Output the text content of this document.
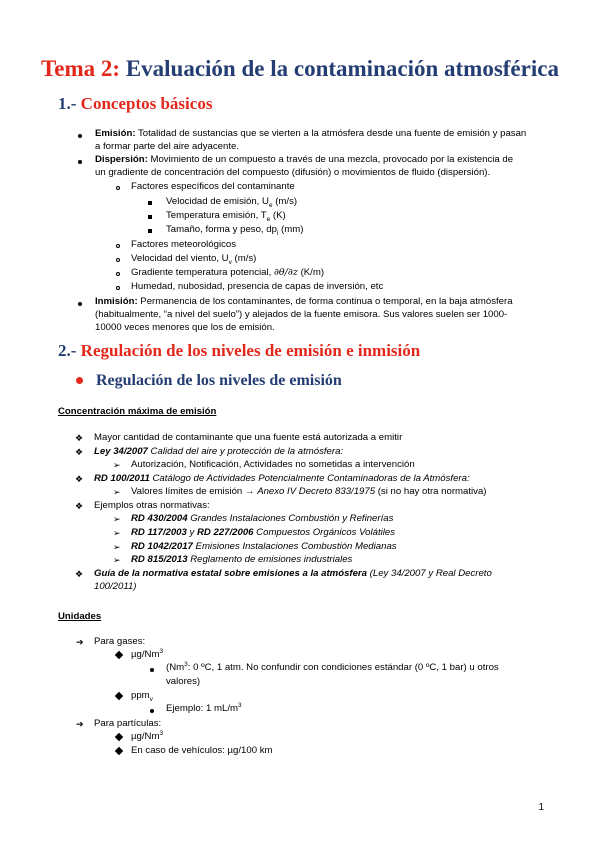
Tema 2: Evaluación de la contaminación atmosférica
1.- Conceptos básicos
Emisión: Totalidad de sustancias que se vierten a la atmósfera desde una fuente de emisión y pasan
a formar parte del aire adyacente.
Dispersión: Movimiento de un compuesto a través de una mezcla, provocado por la existencia de
un gradiente de concentración del compuesto (difusión) o movimientos de fluido (dispersión).
Factores específicos del contaminante
Velocidad de emisión, $U_e$ (m/s)
Temperatura emisión, $T_e$ (K)
Tamaño, forma y peso, $dp_i$ (mm)
Factores meteorológicos
Velocidad del viento, $U_v$ (m/s)
Gradiente temperatura potencial, ∂θ/∂z (K/m)
Humedad, nubosidad, presencia de capas de inversión, etc
Inmisión: Permanencia de los contaminantes, de forma continua o temporal, en la baja atmósfera
(habitualmente, “a nivel del suelo”) y alejados de la fuente emisora. Sus valores suelen ser 1000-
10000 veces menores que los de emisión.
2.- Regulación de los niveles de emisión e inmisión
Regulación de los niveles de emisión
Concentración máxima de emisión
❖ Mayor cantidad de contaminante que una fuente está autorizada a emitir
❖ Ley 34/2007 Calidad del aire y protección de la atmósfera:
➢ Autorización, Notificación, Actividades no sometidas a intervención
❖ RD 100/2011 Catálogo de Actividades Potencialmente Contaminadoras de la Atmósfera:
➢ Valores límites de emisión → Anexo IV Decreto 833/1975 (si no hay otra normativa)
❖ Ejemplos otras normativas:
➢ RD 430/2004 Grandes Instalaciones Combustión y Refinerías
➢ RD 117/2003 y RD 227/2006 Compuestos Orgánicos Volátiles
➢ RD 1042/2017 Emisiones Instalaciones Combustión Medianas
➢ RD 815/2013 Reglamento de emisiones industriales
❖ Guía de la normativa estatal sobre emisiones a la atmósfera (Ley 34/2007 y Real Decreto
100/2011)
Unidades
➔ Para gases:
µg/Nm$^3$
(Nm$^3$: 0 ºC, 1 atm. No confundir con condiciones estándar (0 ºC, 1 bar) u otros
valores)
ppm$_v$
Ejemplo: 1 $mL/m^3$
➔ Para partículas:
µg/Nm$^3$
En caso de vehículos: µg/100 km
1
